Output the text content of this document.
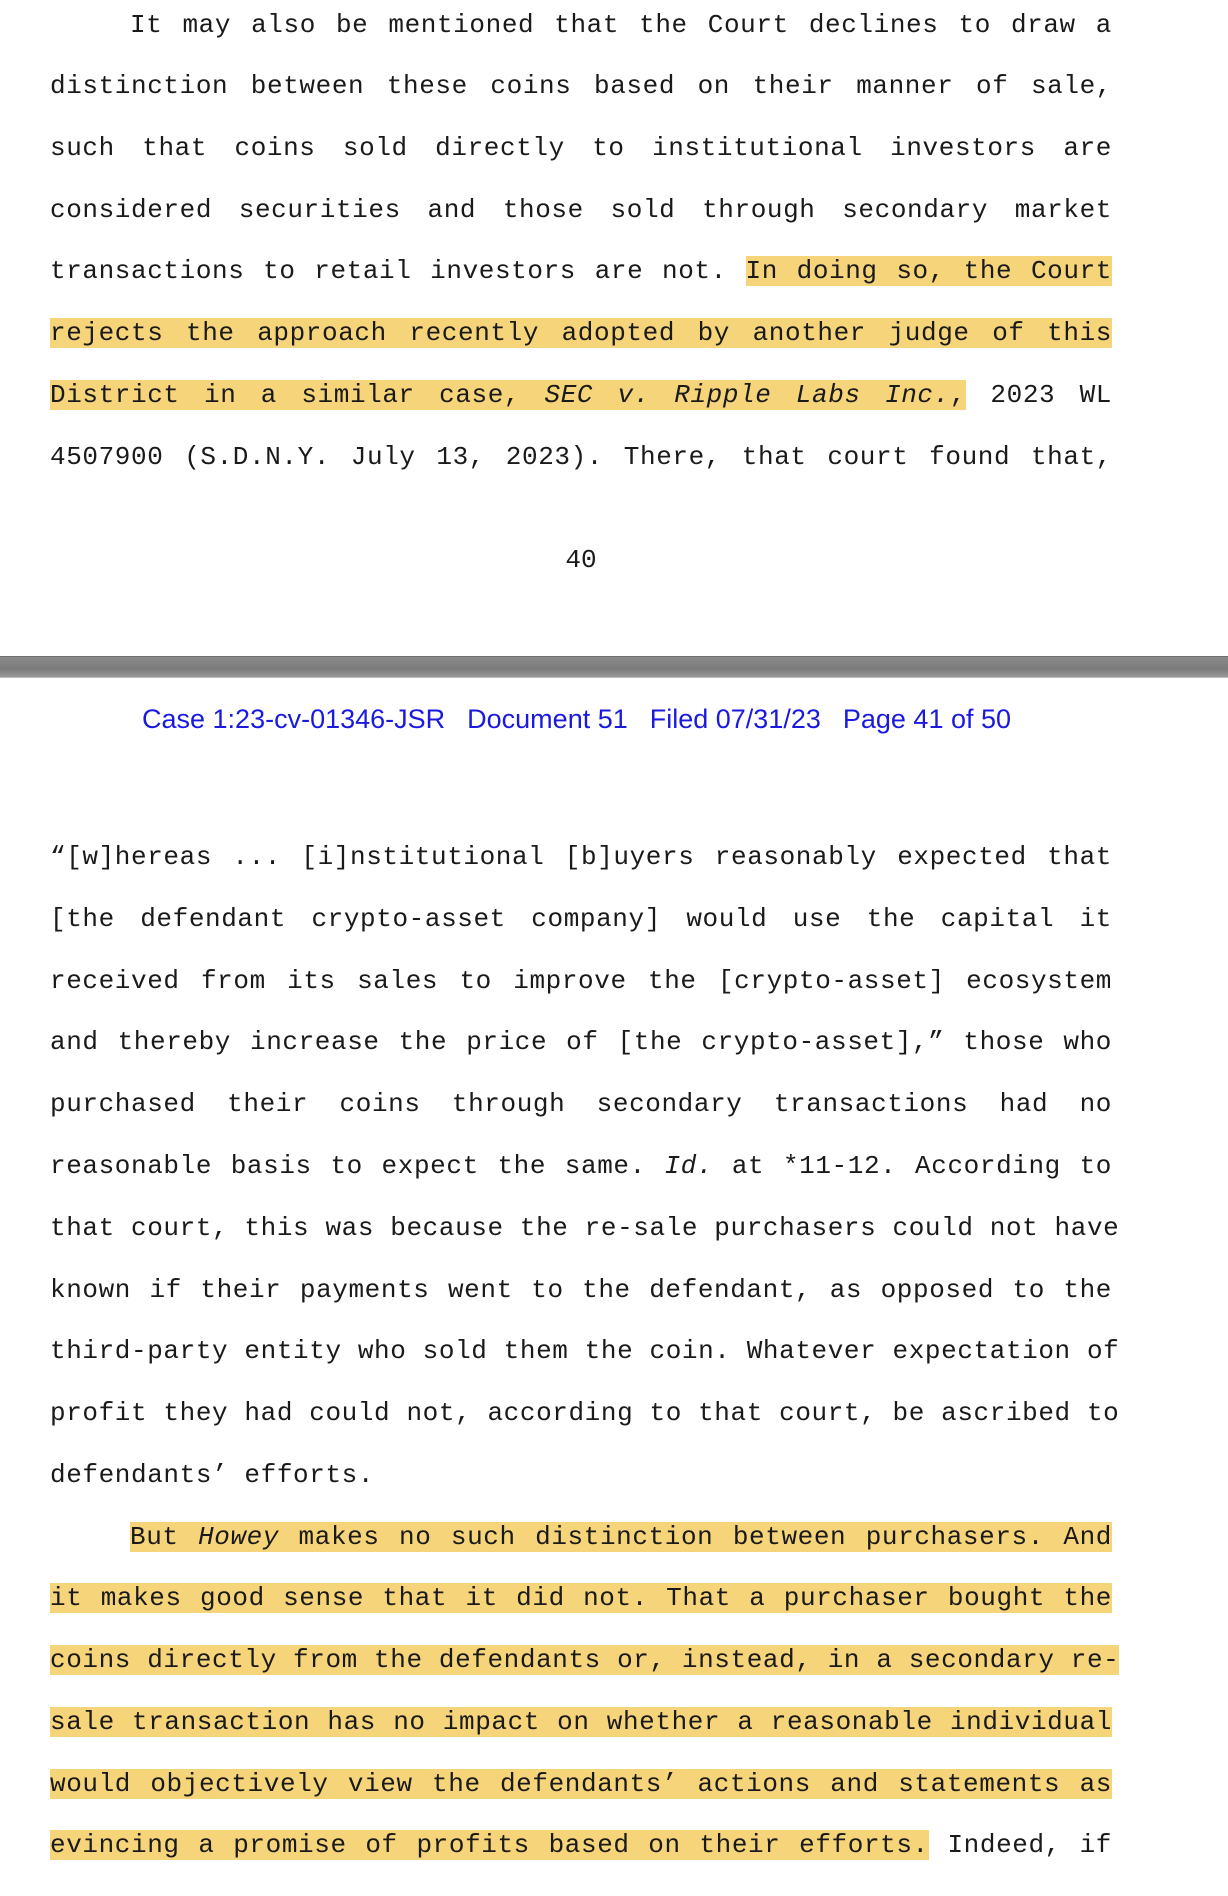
It may also be mentioned that the Court declines to draw a
distinction between these coins based on their manner of sale,
such that coins sold directly to institutional investors are
considered securities and those sold through secondary market
transactions to retail investors are not. In doing so, the Court
rejects the approach recently adopted by another judge of this
District in a similar case, SEC v. Ripple Labs Inc., 2023 WL
4507900 (S.D.N.Y. July 13, 2023). There, that court found that,
40
Case 1:23-cv-01346-JSR Document 51 Filed 07/31/23 Page 41 of 50
“[w]hereas ... [i]nstitutional [b]uyers reasonably expected that
[the defendant crypto-asset company] would use the capital it
received from its sales to improve the [crypto-asset] ecosystem
and thereby increase the price of [the crypto-asset],” those who
purchased their coins through secondary transactions had no
reasonable basis to expect the same. Id. at *11-12. According to
that court, this was because the re-sale purchasers could not have
known if their payments went to the defendant, as opposed to the
third-party entity who sold them the coin. Whatever expectation of
profit they had could not, according to that court, be ascribed to
defendants’ efforts.
But Howey makes no such distinction between purchasers. And
it makes good sense that it did not. That a purchaser bought the
coins directly from the defendants or, instead, in a secondary re-
sale transaction has no impact on whether a reasonable individual
would objectively view the defendants’ actions and statements as
evincing a promise of profits based on their efforts. Indeed, if
